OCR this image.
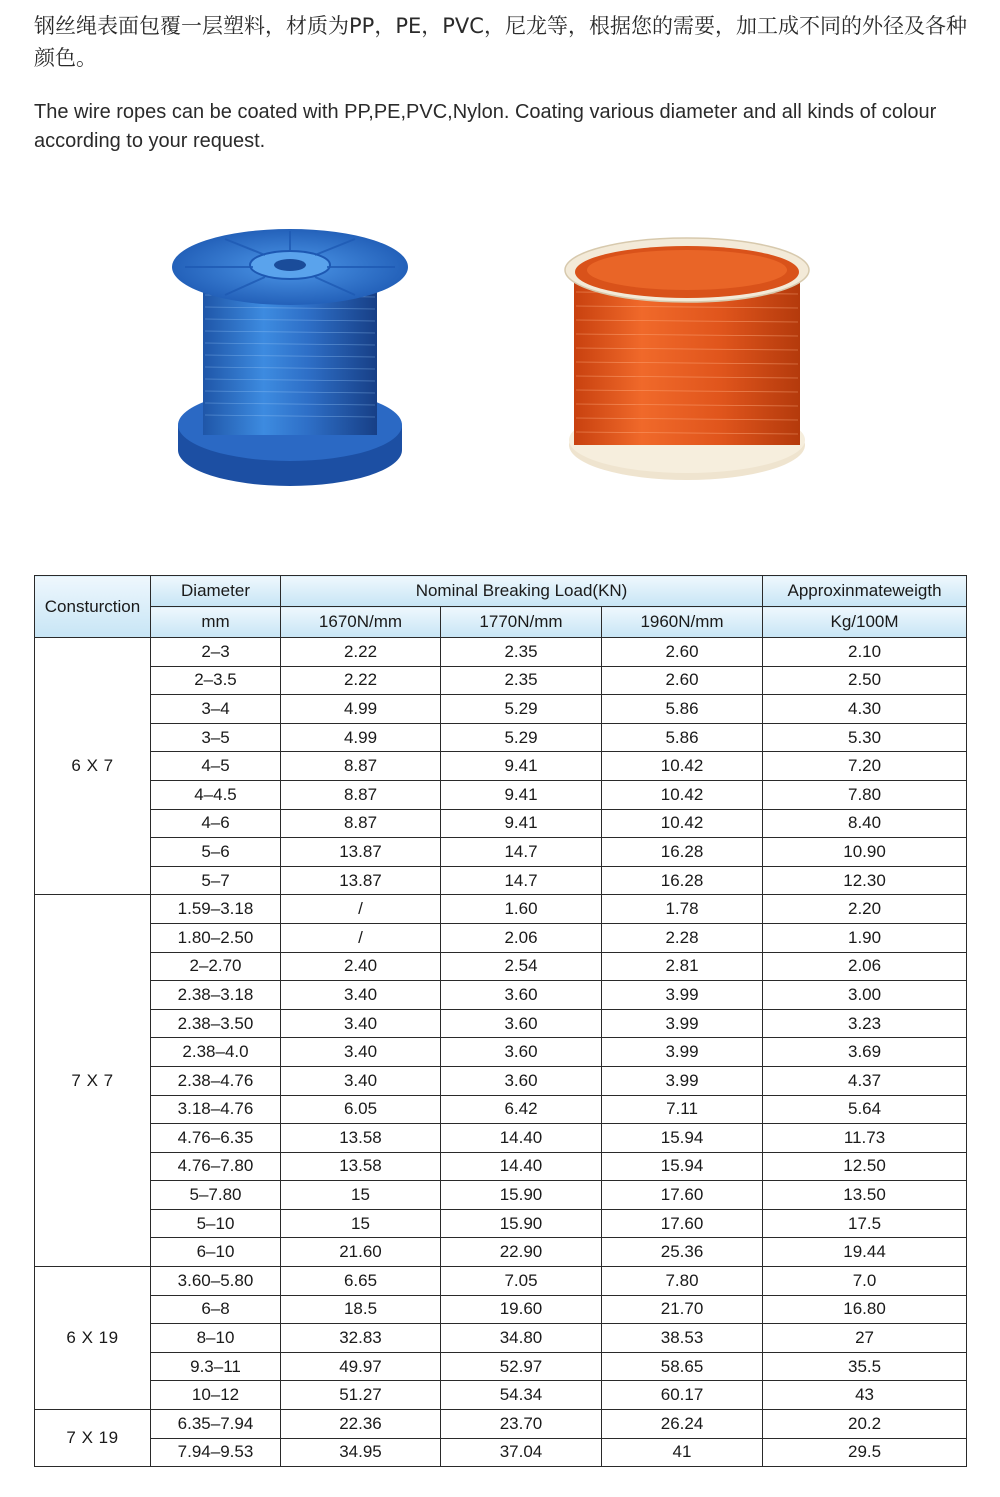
钢丝绳表面包覆一层塑料，材质为PP，PE，PVC，尼龙等，根据您的需要，加工成不同的外径及各种颜色。

The wire ropes can be coated with PP,PE,PVC,Nylon. Coating various diameter and all kinds of colour according to your request.

Consturction	Diameter	Nominal Breaking Load(KN)			Approxinmateweigth
	mm	1670N/mm	1770N/mm	1960N/mm	Kg/100M
6 X 7	2–3	2.22	2.35	2.60	2.10
	2–3.5	2.22	2.35	2.60	2.50
	3–4	4.99	5.29	5.86	4.30
	3–5	4.99	5.29	5.86	5.30
	4–5	8.87	9.41	10.42	7.20
	4–4.5	8.87	9.41	10.42	7.80
	4–6	8.87	9.41	10.42	8.40
	5–6	13.87	14.7	16.28	10.90
	5–7	13.87	14.7	16.28	12.30
7 X 7	1.59–3.18	/	1.60	1.78	2.20
	1.80–2.50	/	2.06	2.28	1.90
	2–2.70	2.40	2.54	2.81	2.06
	2.38–3.18	3.40	3.60	3.99	3.00
	2.38–3.50	3.40	3.60	3.99	3.23
	2.38–4.0	3.40	3.60	3.99	3.69
	2.38–4.76	3.40	3.60	3.99	4.37
	3.18–4.76	6.05	6.42	7.11	5.64
	4.76–6.35	13.58	14.40	15.94	11.73
	4.76–7.80	13.58	14.40	15.94	12.50
	5–7.80	15	15.90	17.60	13.50
	5–10	15	15.90	17.60	17.5
	6–10	21.60	22.90	25.36	19.44
6 X 19	3.60–5.80	6.65	7.05	7.80	7.0
	6–8	18.5	19.60	21.70	16.80
	8–10	32.83	34.80	38.53	27
	9.3–11	49.97	52.97	58.65	35.5
	10–12	51.27	54.34	60.17	43
7 X 19	6.35–7.94	22.36	23.70	26.24	20.2
	7.94–9.53	34.95	37.04	41	29.5
